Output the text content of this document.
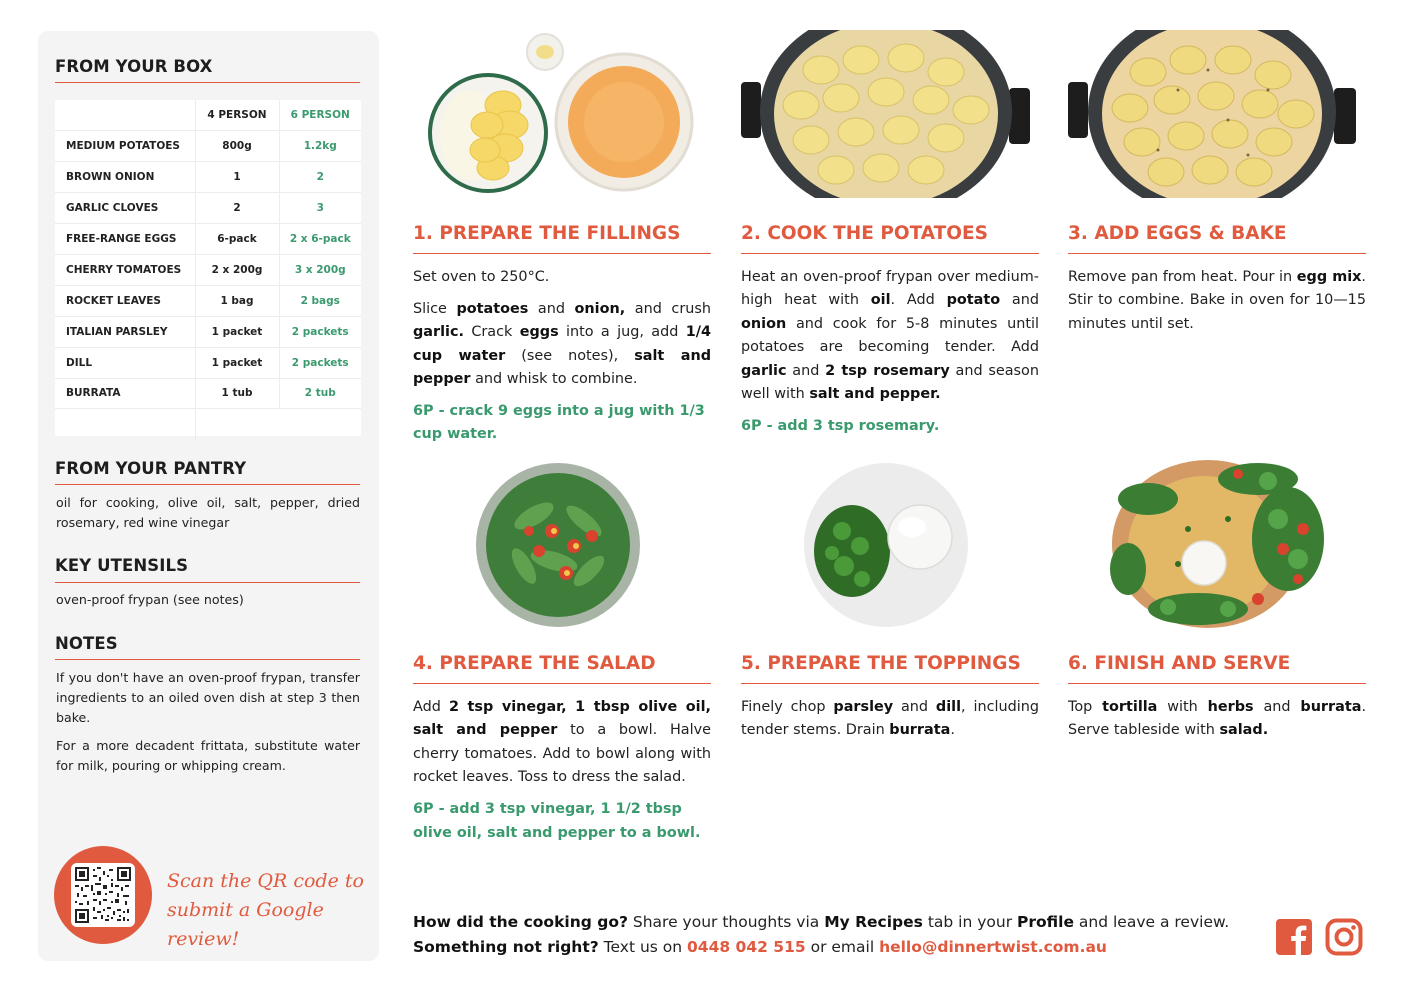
FROM YOUR BOX
	4 PERSON	6 PERSON
MEDIUM POTATOES	800g	1.2kg
BROWN ONION	1	2
GARLIC CLOVES	2	3
FREE-RANGE EGGS	6-pack	2 x 6-pack
CHERRY TOMATOES	2 x 200g	3 x 200g
ROCKET LEAVES	1 bag	2 bags
ITALIAN PARSLEY	1 packet	2 packets
DILL	1 packet	2 packets
BURRATA	1 tub	2 tub

FROM YOUR PANTRY
oil for cooking, olive oil, salt, pepper, dried rosemary, red wine vinegar
KEY UTENSILS
oven-proof frypan (see notes)
NOTES
If you don't have an oven-proof frypan, transfer ingredients to an oiled oven dish at step 3 then bake.
For a more decadent frittata, substitute water for milk, pouring or whipping cream.
Scan the QR code to
submit a Google review!
1. PREPARE THE FILLINGS

Set oven to 250°C.

Slice potatoes and onion, and crush garlic. Crack eggs into a jug, add 1/4 cup water (see notes), salt and pepper and whisk to combine.

6P - crack 9 eggs into a jug with 1/3 cup water.

2. COOK THE POTATOES

Heat an oven-proof frypan over medium-high heat with oil. Add potato and onion and cook for 5-8 minutes until potatoes are becoming tender. Add garlic and 2 tsp rosemary and season well with salt and pepper.

6P - add 3 tsp rosemary.

3. ADD EGGS & BAKE

Remove pan from heat. Pour in egg mix. Stir to combine. Bake in oven for 10—15 minutes until set.

4. PREPARE THE SALAD

Add 2 tsp vinegar, 1 tbsp olive oil, salt and pepper to a bowl. Halve cherry tomatoes. Add to bowl along with rocket leaves. Toss to dress the salad.

6P - add 3 tsp vinegar, 1 1/2 tbsp olive oil, salt and pepper to a bowl.

5. PREPARE THE TOPPINGS

Finely chop parsley and dill, including tender stems. Drain burrata.

6. FINISH AND SERVE

Top tortilla with herbs and burrata. Serve tableside with salad.

How did the cooking go? Share your thoughts via My Recipes tab in your Profile and leave a review.
Something not right? Text us on 0448 042 515 or email hello@dinnertwist.com.au
